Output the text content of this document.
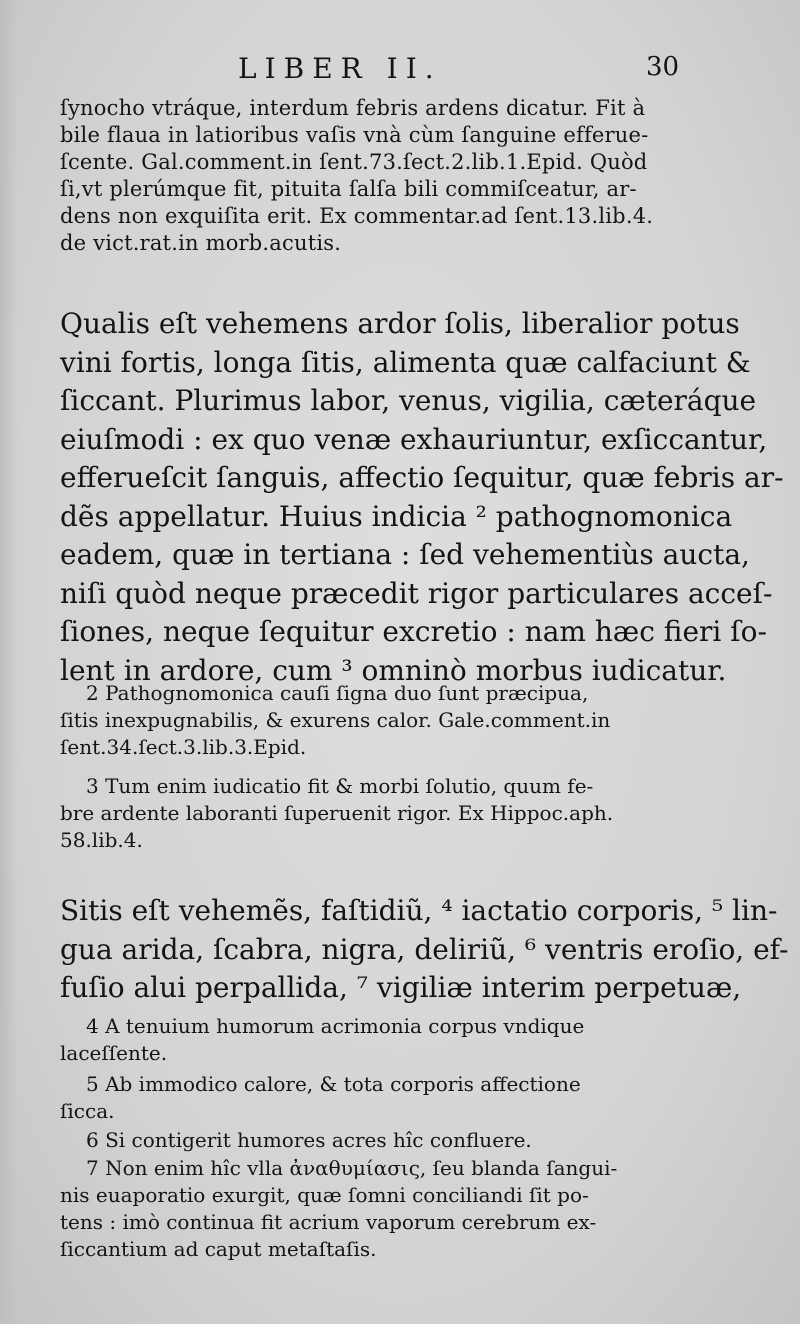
LIBER II.	30
ſynocho vtráque, interdum febris ardens dicatur. Fit à
bile flaua in latioribus vaſis vnà cùm ſanguine efferue-
ſcente. Gal.comment.in ſent.73.ſect.2.lib.1.Epid. Quòd
ſi,vt plerúmque fit, pituita ſalſa bili commiſceatur, ar-
dens non exquiſita erit. Ex commentar.ad ſent.13.lib.4.
de vict.rat.in morb.acutis.
Qualis eſt vehemens ardor ſolis, liberalior potus
vini fortis, longa ſitis, alimenta quæ calfaciunt &
ſiccant. Plurimus labor, venus, vigilia, cæteráque
eiuſmodi : ex quo venæ exhauriuntur, exſiccantur,
efferueſcit ſanguis, affectio ſequitur, quæ febris ar-
dẽs appellatur. Huius indicia ² pathognomonica
eadem, quæ in tertiana : ſed vehementiùs aucta,
niſi quòd neque præcedit rigor particulares acceſ-
ſiones, neque ſequitur excretio : nam hæc fieri ſo-
lent in ardore, cum ³ omninò morbus iudicatur.
2 Pathognomonica cauſi ſigna duo ſunt præcipua,
ſitis inexpugnabilis, & exurens calor. Gale.comment.in
ſent.34.ſect.3.lib.3.Epid.
3 Tum enim iudicatio fit & morbi ſolutio, quum fe-
bre ardente laboranti ſuperuenit rigor. Ex Hippoc.aph.
58.lib.4.
Sitis eſt vehemẽs, faſtidiũ, ⁴ iactatio corporis, ⁵ lin-
gua arida, ſcabra, nigra, deliriũ, ⁶ ventris eroſio, ef-
fuſio alui perpallida, ⁷ vigiliæ interim perpetuæ,
4 A tenuium humorum acrimonia corpus vndique
laceſſente.
5 Ab immodico calore, & tota corporis affectione
ſicca.
6 Si contigerit humores acres hîc confluere.
7 Non enim hîc vlla ἀναθυμίασις, ſeu blanda ſangui-
nis euaporatio exurgit, quæ ſomni conciliandi ſit po-
tens : imò continua fit acrium vaporum cerebrum ex-
ſiccantium ad caput metaſtaſis.
